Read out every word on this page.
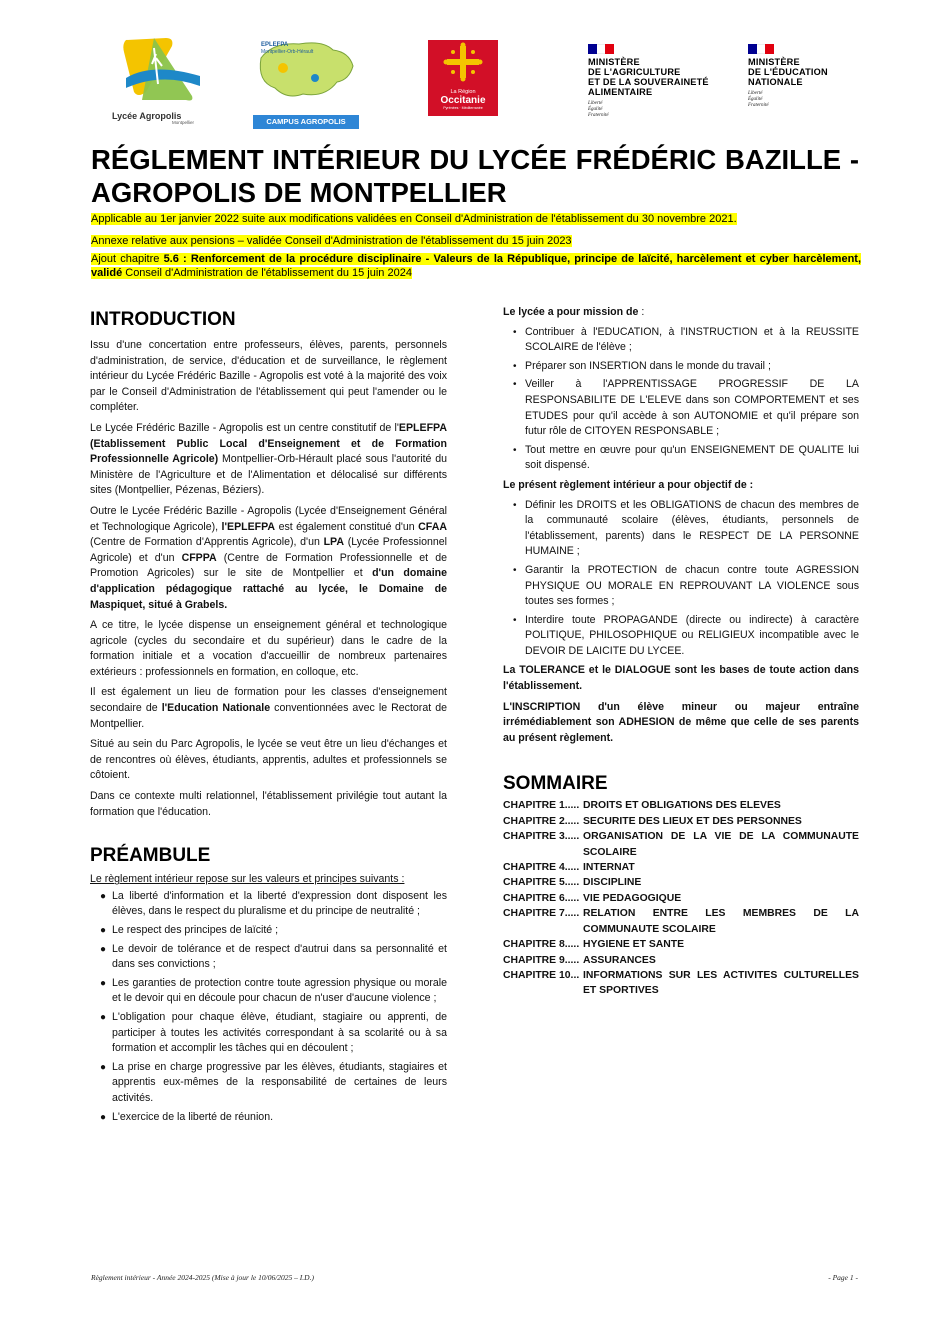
Lycée Agropolis
Montpellier
EPLEFPA
Montpellier-Orb-Hérault
CAMPUS AGROPOLIS
La Région
Occitanie
Pyrénées · Méditerranée
MINISTÈRE
DE L'AGRICULTURE
ET DE LA SOUVERAINETÉ
ALIMENTAIRE
Liberté
Égalité
Fraternité
MINISTÈRE
DE L'ÉDUCATION
NATIONALE
Liberté
Égalité
Fraternité
RÉGLEMENT INTÉRIEUR DU LYCÉE FRÉDÉRIC BAZILLE - AGROPOLIS DE MONTPELLIER
Applicable au 1er janvier 2022 suite aux modifications validées en Conseil d'Administration de l'établissement du 30 novembre 2021.
Annexe relative aux pensions – validée Conseil d'Administration de l'établissement du 15 juin 2023
Ajout chapitre 5.6 : Renforcement de la procédure disciplinaire - Valeurs de la République, principe de laïcité, harcèlement et cyber harcèlement, validé Conseil d'Administration de l'établissement du 15 juin 2024
INTRODUCTION

Issu d'une concertation entre professeurs, élèves, parents, personnels d'administration, de service, d'éducation et de surveillance, le règlement intérieur du Lycée Frédéric Bazille - Agropolis est voté à la majorité des voix par le Conseil d'Administration de l'établissement qui peut l'amender ou le compléter.

Le Lycée Frédéric Bazille - Agropolis est un centre constitutif de l'EPLEFPA (Etablissement Public Local d'Enseignement et de Formation Professionnelle Agricole) Montpellier-Orb-Hérault placé sous l'autorité du Ministère de l'Agriculture et de l'Alimentation et délocalisé sur différents sites (Montpellier, Pézenas, Béziers).

Outre le Lycée Frédéric Bazille - Agropolis (Lycée d'Enseignement Général et Technologique Agricole), l'EPLEFPA est également constitué d'un CFAA (Centre de Formation d'Apprentis Agricole), d'un LPA (Lycée Professionnel Agricole) et d'un CFPPA (Centre de Formation Professionnelle et de Promotion Agricoles) sur le site de Montpellier et d'un domaine d'application pédagogique rattaché au lycée, le Domaine de Maspiquet, situé à Grabels.

A ce titre, le lycée dispense un enseignement général et technologique agricole (cycles du secondaire et du supérieur) dans le cadre de la formation initiale et a vocation d'accueillir de nombreux partenaires extérieurs : professionnels en formation, en colloque, etc.

Il est également un lieu de formation pour les classes d'enseignement secondaire de l'Education Nationale conventionnées avec le Rectorat de Montpellier.

Situé au sein du Parc Agropolis, le lycée se veut être un lieu d'échanges et de rencontres où élèves, étudiants, apprentis, adultes et professionnels se côtoient.

Dans ce contexte multi relationnel, l'établissement privilégie tout autant la formation que l'éducation.

PRÉAMBULE

Le règlement intérieur repose sur les valeurs et principes suivants :

● La liberté d'information et la liberté d'expression dont disposent les élèves, dans le respect du pluralisme et du principe de neutralité ;
● Le respect des principes de laïcité ;
● Le devoir de tolérance et de respect d'autrui dans sa personnalité et dans ses convictions ;
● Les garanties de protection contre toute agression physique ou morale et le devoir qui en découle pour chacun de n'user d'aucune violence ;
● L'obligation pour chaque élève, étudiant, stagiaire ou apprenti, de participer à toutes les activités correspondant à sa scolarité ou à sa formation et accomplir les tâches qui en découlent ;
● La prise en charge progressive par les élèves, étudiants, stagiaires et apprentis eux-mêmes de la responsabilité de certaines de leurs activités.
● L'exercice de la liberté de réunion.

Le lycée a pour mission de :

• Contribuer à l'EDUCATION, à l'INSTRUCTION et à la REUSSITE SCOLAIRE de l'élève ;
• Préparer son INSERTION dans le monde du travail ;
• Veiller à l'APPRENTISSAGE PROGRESSIF DE LA RESPONSABILITE DE L'ELEVE dans son COMPORTEMENT et ses ETUDES pour qu'il accède à son AUTONOMIE et qu'il prépare son futur rôle de CITOYEN RESPONSABLE ;
• Tout mettre en œuvre pour qu'un ENSEIGNEMENT DE QUALITE lui soit dispensé.

Le présent règlement intérieur a pour objectif de :

• Définir les DROITS et les OBLIGATIONS de chacun des membres de la communauté scolaire (élèves, étudiants, personnels de l'établissement, parents) dans le RESPECT DE LA PERSONNE HUMAINE ;
• Garantir la PROTECTION de chacun contre toute AGRESSION PHYSIQUE OU MORALE EN REPROUVANT LA VIOLENCE sous toutes ses formes ;
• Interdire toute PROPAGANDE (directe ou indirecte) à caractère POLITIQUE, PHILOSOPHIQUE ou RELIGIEUX incompatible avec le DEVOIR DE LAICITE DU LYCEE.

La TOLERANCE et le DIALOGUE sont les bases de toute action dans l'établissement.

L'INSCRIPTION d'un élève mineur ou majeur entraîne irrémédiablement son ADHESION de même que celle de ses parents au présent règlement.

SOMMAIRE
CHAPITRE 1..... DROITS ET OBLIGATIONS DES ELEVES
CHAPITRE 2..... SECURITE DES LIEUX ET DES PERSONNES
CHAPITRE 3..... ORGANISATION DE LA VIE DE LA COMMUNAUTE SCOLAIRE
CHAPITRE 4..... INTERNAT
CHAPITRE 5..... DISCIPLINE
CHAPITRE 6..... VIE PEDAGOGIQUE
CHAPITRE 7..... RELATION ENTRE LES MEMBRES DE LA COMMUNAUTE SCOLAIRE
CHAPITRE 8..... HYGIENE ET SANTE
CHAPITRE 9..... ASSURANCES
CHAPITRE 10... INFORMATIONS SUR LES ACTIVITES CULTURELLES ET SPORTIVES
Règlement intérieur - Année 2024-2025 (Mise à jour le 10/06/2025 – I.D.)	- Page 1 -
